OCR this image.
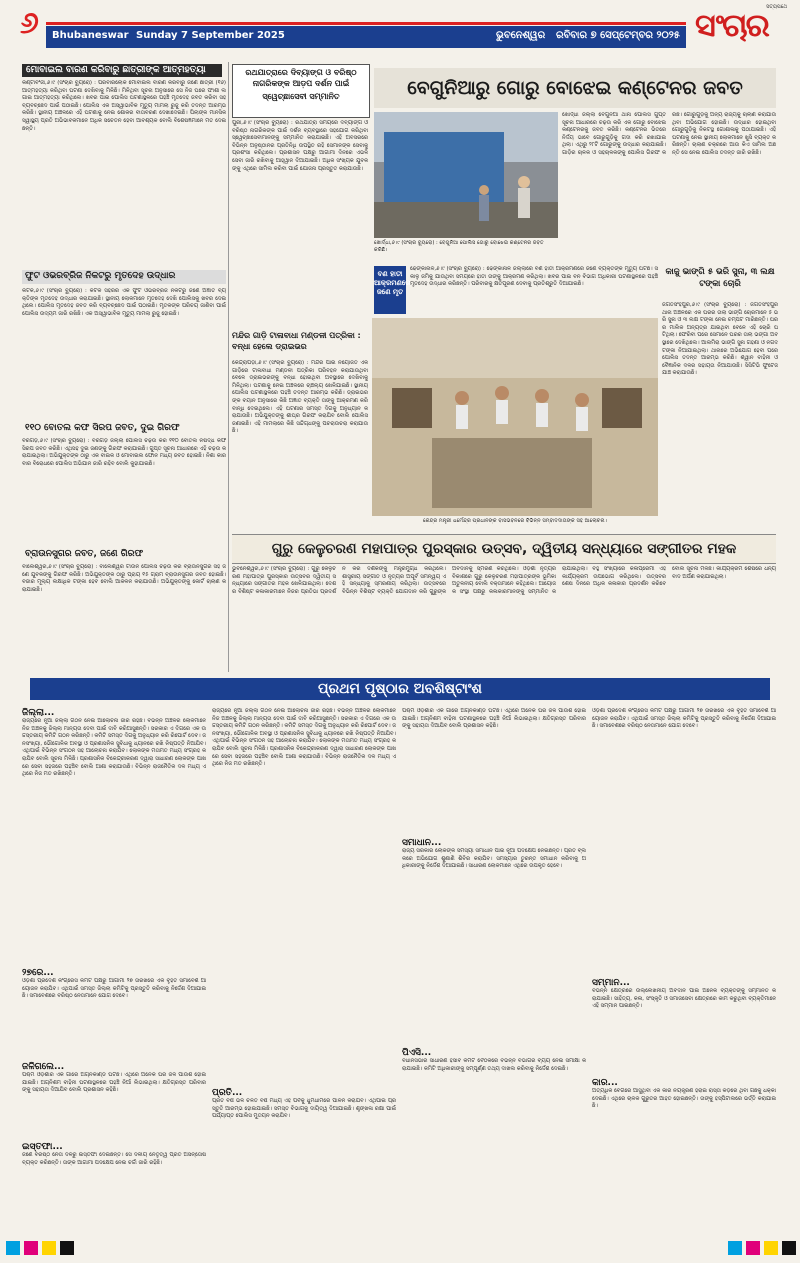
୬ Bhubaneswar Sunday 7 September 2025	ଭୁବନେଶ୍ୱର ରବିବାର ୭ ସେପ୍ଟେମ୍ବର ୨୦୨୫
ସତ୍ୟପଥେ
ସଂଚାର
ମୋବାଇଲ ବାରଣ କରିବାରୁ ଛାତ୍ରୀଙ୍କ ଆତ୍ମହତ୍ୟା
କଣ୍ଟାବଂଜୀ,୬।୯ (ସଂଚାର ବ୍ୟୁରୋ) : ପରିବାରଲୋକ ମୋବାଇଲ ବାରଣ କରିବାରୁ ଜଣେ ଛାତ୍ରୀ (୧୬) ଆତ୍ମହତ୍ୟା କରିଥିବା ଘଟଣା ଦେଖିବାକୁ ମିଳିଛି। ମିଳିଥିବା ସୂଚନା ଅନୁସାରେ ସେ ନିଜ ଘରେ ଫାଶୀ ଲଗାଇ ଆତ୍ମହତ୍ୟା କରିଥିଲେ। ଖବର ପାଇ ପୋଲିସ ଘଟଣାସ୍ଥଳରେ ପହଞ୍ଚି ମୃତଦେହ ଜବତ କରିବା ସହ ବ୍ୟବଚ୍ଛେଦ ପାଇଁ ପଠାଇଛି। ପୋଲିସ ଏକ ଅସ୍ୱାଭାବିକ ମୃତ୍ୟୁ ମାମଲା ରୁଜୁ କରି ତଦନ୍ତ ଆରମ୍ଭ କରିଛି। ସ୍ଥାନୀୟ ଅଞ୍ଚଳରେ ଏହି ଘଟଣାକୁ ନେଇ ଶୋକର ବାତାବରଣ ଦେଖାଦେଇଛି। ପିଲାଙ୍କ ମାନସିକ ସ୍ୱାସ୍ଥ୍ୟ ପ୍ରତି ଅଭିଭାବକମାନେ ଅଧିକ ସଚେତନ ହେବା ଆବଶ୍ୟକ ବୋଲି ବିଶେଷଜ୍ଞମାନେ ମତ ଦେଇଛନ୍ତି।
ଫୁଟ ଓଭରବ୍ରିଜ ନିକଟରୁ ମୃତଦେହ ଉଦ୍ଧାର
କଟକ,୬।୯ (ସଂଚାର ବ୍ୟୁରୋ) : କଟକ ସହରର ଏକ ଫୁଟ ଓଭରବ୍ରିଜ ନିକଟରୁ ଜଣେ ଅଜ୍ଞାତ ବ୍ୟକ୍ତିଙ୍କ ମୃତଦେହ ଉଦ୍ଧାର କରାଯାଇଛି। ସ୍ଥାନୀୟ ଲୋକମାନେ ମୃତଦେହ ଦେଖି ପୋଲିସକୁ ଖବର ଦେଇଥିଲେ। ପୋଲିସ ମୃତଦେହ ଜବତ କରି ବ୍ୟବଚ୍ଛେଦ ପାଇଁ ପଠାଇଛି। ମୃତକଙ୍କ ପରିଚୟ ଜାଣିବା ପାଇଁ ପୋଲିସ ଉଦ୍ୟମ ଜାରି ରଖିଛି। ଏକ ଅସ୍ୱାଭାବିକ ମୃତ୍ୟୁ ମାମଲା ରୁଜୁ ହୋଇଛି।
୧୧୦ ବୋତଲ କଫ ସିରପ ଜବତ, ଦୁଇ ଗିରଫ
ବରଗଡ଼,୬।୯ (ସଂଚାର ବ୍ୟୁରୋ) : ବରଗଡ଼ ଜିଲ୍ଲା ପୋଲିସ ଚଢ଼ଉ କରି ୧୧୦ ବୋତଲ ନିଷିଦ୍ଧ କଫ ସିରପ ଜବତ କରିଛି। ଏଥିସହ ଦୁଇ ଜଣଙ୍କୁ ଗିରଫ କରାଯାଇଛି। ଗୁପ୍ତ ସୂଚନା ଆଧାରରେ ଏହି ଚଢ଼ଉ କରାଯାଇଥିଲା। ଅଭିଯୁକ୍ତଙ୍କ ଠାରୁ ଏକ ବାଇକ ଓ ମୋବାଇଲ ଫୋନ ମଧ୍ୟ ଜବତ ହୋଇଛି। ନିଶା କାରବାର ବିରୋଧରେ ପୋଲିସ ଅଭିଯାନ ଜାରି ରହିବ ବୋଲି କୁହାଯାଇଛି।
ବ୍ରାଉନସୁଗର ଜବତ, ଜଣେ ଗିରଫ
ବାଲେଶ୍ୱର,୬।୯ (ସଂଚାର ବ୍ୟୁରୋ) : ବାଲେଶ୍ୱର ଟାଉନ ପୋଲିସ ଚଢ଼ଉ କରି ବ୍ରାଉନସୁଗର ସହ ଜଣେ ଯୁବକଙ୍କୁ ଗିରଫ କରିଛି। ଅଭିଯୁକ୍ତଙ୍କ ଠାରୁ ପ୍ରାୟ ୧୫ ଗ୍ରାମ ବ୍ରାଉନସୁଗର ଜବତ ହୋଇଛି। ବଜାର ମୂଲ୍ୟ ଲକ୍ଷାଧିକ ଟଙ୍କା ହେବ ବୋଲି ଆକଳନ କରାଯାଉଛି। ଅଭିଯୁକ୍ତଙ୍କୁ କୋର୍ଟ ଚାଲାଣ କରାଯାଇଛି।
ରଥଯାତ୍ରାରେ ଦିବ୍ୟାଙ୍ଗ ଓ ବରିଷ୍ଠ ନାଗରିକଙ୍କ ଆଡ଼ପ ଦର୍ଶନ ପାଇଁ
ସ୍ୱେଚ୍ଛାସେବୀ ସମ୍ମାନିତ
ପୁରୀ,୬।୯ (ସଂଚାର ବ୍ୟୁରୋ) : ରଥଯାତ୍ରା ସମୟରେ ଦିବ୍ୟାଙ୍ଗ ଓ ବରିଷ୍ଠ ନାଗରିକଙ୍କ ପାଇଁ ଦର୍ଶନ ବ୍ୟବସ୍ଥାରେ ସହଯୋଗ କରିଥିବା ସ୍ୱେଚ୍ଛାସେବୀମାନଙ୍କୁ ସମ୍ମାନିତ କରାଯାଇଛି। ଏହି ଅବସରରେ ବିଭିନ୍ନ ଅନୁଷ୍ଠାନର ପ୍ରତିନିଧି ଉପସ୍ଥିତ ରହି ସେମାନଙ୍କ ସେବାକୁ ପ୍ରଶଂସା କରିଥିଲେ। ପ୍ରଶାସନ ପକ୍ଷରୁ ଆଗାମୀ ଦିନରେ ଏଭଳି ସେବା ଜାରି ରଖିବାକୁ ଆହ୍ୱାନ ଦିଆଯାଇଛି। ଅଧିକ ସଂଖ୍ୟକ ଯୁବକଙ୍କୁ ଏଥିରେ ସାମିଲ କରିବା ପାଇଁ ଯୋଜନା ପ୍ରସ୍ତୁତ କରାଯାଉଛି।
ବେଗୁନିଆରୁ ଗୋରୁ ବୋଝେଇ କଣ୍ଟେନର ଜବତ
ଖୋର୍ଦ୍ଧା,୬।୯ (ସଂଚାର ବ୍ୟୁରୋ) : ବେଗୁନିଆ ପୋଲିସ ଗୋରୁ ବୋଝେଇ କଣ୍ଟେନର ଜବତ କରିଛି।
ଖୋର୍ଦ୍ଧା ଜିଲ୍ଲା ବେଗୁନିଆ ଥାନା ପୋଲିସ ଗୁପ୍ତ ସୂଚନା ଆଧାରରେ ଚଢ଼ଉ କରି ଏକ ଗୋରୁ ବୋଝେଇ କଣ୍ଟେନରକୁ ଜବତ କରିଛି। କଣ୍ଟେନର ଭିତରେ ନିର୍ଦ୍ଦୟ ଭାବେ ଗୋରୁଗୁଡ଼ିକୁ ଗଦା କରି ରଖାଯାଇଥିଲା। ଏଥିରୁ ୨୮ଟି ଗୋରୁଙ୍କୁ ଉଦ୍ଧାର କରାଯାଇଛି। ଗାଡ଼ିର ଚାଳକ ଓ ସହଚାଳକଙ୍କୁ ପୋଲିସ ଗିରଫ କରିଛି। ଗୋରୁଗୁଡ଼ିକୁ ଅନ୍ୟ ରାଜ୍ୟକୁ ଚାଲାଣ କରାଯାଉଥିବା ଅଭିଯୋଗ ହୋଇଛି। ଉଦ୍ଧାର ହୋଇଥିବା ଗୋରୁଗୁଡ଼ିକୁ ନିକଟସ୍ଥ ଗୋଶାଳାକୁ ପଠାଯାଇଛି। ଏହି ଘଟଣାକୁ ନେଇ ସ୍ଥାନୀୟ ଲୋକମାନେ ଖୁସି ବ୍ୟକ୍ତ କରିଛନ୍ତି। ଚାଲାଣ ଚକ୍ରରେ ଆଉ କିଏ ସାମିଲ ଅଛନ୍ତି ସେ ନେଇ ପୋଲିସ ତଦନ୍ତ ଜାରି ରଖିଛି।
ବଣ ହାତୀ ଆକ୍ରମଣରେ ଜଣେ ମୃତ
ଢେଙ୍କାନାଳ,୬।୯ (ସଂଚାର ବ୍ୟୁରୋ) : ଢେଙ୍କାନାଳ ଜିଲ୍ଲାରେ ବଣ ହାତୀ ଆକ୍ରମଣରେ ଜଣେ ବ୍ୟକ୍ତିଙ୍କ ମୃତ୍ୟୁ ଘଟିଛି। ସକାଳୁ ଜମିକୁ ଯାଉଥିବା ସମୟରେ ହାତୀ ତାଙ୍କୁ ଆକ୍ରମଣ କରିଥିଲା। ଖବର ପାଇ ବନ ବିଭାଗ ଅଧିକାରୀ ଘଟଣାସ୍ଥଳରେ ପହଞ୍ଚି ମୃତଦେହ ଉଦ୍ଧାର କରିଛନ୍ତି। ପରିବାରକୁ କ୍ଷତିପୂରଣ ଦେବାକୁ ପ୍ରତିଶ୍ରୁତି ଦିଆଯାଇଛି।
କାଜୁ ଭାଙ୍ଗି ୫ ଭରି ସୁନା, ୩ ଲକ୍ଷ ଟଙ୍କା ଚୋରି
ଜଗତସିଂହପୁର,୬।୯ (ସଂଚାର ବ୍ୟୁରୋ) : ଜଗତସିଂହପୁର ଥାନା ଅଞ୍ଚଳରେ ଏକ ଘରର ତାଲା ଭାଙ୍ଗି ଚୋରମାନେ ୫ ଭରି ସୁନା ଓ ୩ ଲକ୍ଷ ଟଙ୍କା ନେଇ ଚମ୍ପଟ ମାରିଛନ୍ତି। ଘରର ମାଲିକ ଅନ୍ୟତ୍ର ଯାଇଥିବା ବେଳେ ଏହି ଚୋରି ଘଟିଥିଲା। ଫେରିବା ପରେ ସେମାନେ ଘରର ତାଲା ଭଙ୍ଗା ଅବସ୍ଥାରେ ଦେଖିଥିଲେ। ଆଲମିରା ଭାଙ୍ଗି ସୁନା ଗହଣା ଓ ନଗଦ ଟଙ୍କା ନିଆଯାଇଥିଲା। ଥାନାରେ ଅଭିଯୋଗ ହେବା ପରେ ପୋଲିସ ତଦନ୍ତ ଆରମ୍ଭ କରିଛି। ଶ୍ୱାନ ବାହିନୀ ଓ ବୈଜ୍ଞାନିକ ଦଳର ସହାୟତା ନିଆଯାଉଛି। ସିସିଟିଭି ଫୁଟେଜ ଯାଞ୍ଚ କରାଯାଉଛି।
ମନ୍ଦିର ଗାଡ଼ି ଟାଳାବାଧା ମଣ୍ଡଳୀ ପତ୍ରିକା : ବନ୍ଧା ହେଲେ ଡ୍ରାଇଭର
କେନ୍ଦ୍ରାପଡ଼ା,୬।୯ (ସଂଚାର ବ୍ୟୁରୋ) : ମନ୍ଦିର ପାଇଁ ନିୟୋଜିତ ଏକ ଗାଡ଼ିରେ ଟାଳାବାଧା ମଣ୍ଡଳୀ ପତ୍ରିକା ପରିବହନ କରାଯାଉଥିବା ବେଳେ ଡ୍ରାଇଭରଙ୍କୁ ବନ୍ଧା ହୋଇଥିବା ଅବସ୍ଥାରେ ଦେଖିବାକୁ ମିଳିଥିଲା। ଘଟଣାକୁ ନେଇ ଅଞ୍ଚଳରେ ଚାଞ୍ଚଲ୍ୟ ଖେଳିଯାଇଛି। ସ୍ଥାନୀୟ ପୋଲିସ ଘଟଣାସ୍ଥଳରେ ପହଞ୍ଚି ତଦନ୍ତ ଆରମ୍ଭ କରିଛି। ଡ୍ରାଇଭରଙ୍କ ବୟାନ ଅନୁସାରେ କିଛି ଅଜ୍ଞାତ ବ୍ୟକ୍ତି ତାଙ୍କୁ ଆକ୍ରମଣ କରି ବାନ୍ଧି ଦେଇଥିଲେ। ଏହି ଘଟଣାର ସମସ୍ତ ଦିଗକୁ ଅନୁଧ୍ୟାନ କରାଯାଉଛି। ଅଭିଯୁକ୍ତଙ୍କୁ ଶୀଘ୍ର ଗିରଫ କରାଯିବ ବୋଲି ପୋଲିସ ଜଣାଇଛି। ଏହି ମାମଲାରେ କିଛି ସନ୍ଦିଗ୍ଧଙ୍କୁ ପଚରାଉଚରା କରାଯାଉଛି।
କେନ୍ଦ୍ର ମନ୍ତ୍ରୀ ଧର୍ମେନ୍ଦ୍ର ପ୍ରଧାନଙ୍କ ବାସଭବନରେ ବିଭିନ୍ନ ସମ୍ବାଦଦାତାଙ୍କ ସହ ଆଲୋଚନା।
ଗୁରୁ କେଳୁଚରଣ ମହାପାତ୍ର ପୁରସ୍କାର ଉତ୍ସବ, ଦ୍ୱିତୀୟ ସନ୍ଧ୍ୟାରେ ସଙ୍ଗୀତର ମହକ
ଭୁବନେଶ୍ୱର,୬।୯ (ସଂଚାର ବ୍ୟୁରୋ) : ଗୁରୁ କେଳୁଚରଣ ମହାପାତ୍ର ପୁରସ୍କାର ଉତ୍ସବର ଦ୍ୱିତୀୟ ସନ୍ଧ୍ୟାରେ ସଙ୍ଗୀତର ମହକ ଖେଳିଯାଇଥିଲା। ଦେଶର ବିଶିଷ୍ଟ କଳାକାରମାନେ ନିଜର ପ୍ରତିଭା ପ୍ରଦର୍ଶନ କରି ଦର୍ଶକଙ୍କୁ ମନ୍ତ୍ରମୁଗ୍ଧ କରିଥିଲେ। ଶାସ୍ତ୍ରୀୟ ସଙ୍ଗୀତ ଓ ନୃତ୍ୟର ଅପୂର୍ବ ସମନ୍ୱୟ ଏହି ସନ୍ଧ୍ୟାକୁ ସ୍ମରଣୀୟ କରିଥିଲା। ଉତ୍ସବରେ ବିଭିନ୍ନ ବିଶିଷ୍ଟ ବ୍ୟକ୍ତି ଯୋଗଦାନ କରି ଗୁରୁଙ୍କ ଅବଦାନକୁ ସ୍ମରଣ କରିଥିଲେ। ଓଡ଼ିଶୀ ନୃତ୍ୟର ବିକାଶରେ ଗୁରୁ କେଳୁଚରଣ ମହାପାତ୍ରଙ୍କ ଭୂମିକା ଅତୁଳନୀୟ ବୋଲି ବକ୍ତାମାନେ କହିଥିଲେ। ଆୟୋଜକ ସଂସ୍ଥା ପକ୍ଷରୁ କଳାକାରମାନଙ୍କୁ ସମ୍ମାନିତ କରାଯାଇଥିଲା। ବହୁ ସଂଖ୍ୟାରେ କଳାପ୍ରେମୀ ଏହି କାର୍ଯ୍ୟକ୍ରମ ଉପଭୋଗ କରିଥିଲେ। ଉତ୍ସବର ଶେଷ ଦିନରେ ଅଧିକ କଳାକାର ପ୍ରଦର୍ଶନ କରିବେ ବୋଲି ସୂଚନା ମିଳିଛି। କାର୍ଯ୍ୟକ୍ରମ ଶେଷରେ ଧନ୍ୟବାଦ ଅର୍ପଣ କରାଯାଇଥିଲା।
ପ୍ରଥମ ପୃଷ୍ଠାର ଅବଶିଷ୍ଟାଂଶ
ଜିଲ୍ଲା...
ରାଜ୍ୟରେ ନୂଆ ଜିଲ୍ଲା ଗଠନ ନେଇ ଆଲୋଚନା ଜାରି ରହିଛି। ବିଭିନ୍ନ ଅଞ୍ଚଳର ଲୋକମାନେ ନିଜ ଅଞ୍ଚଳକୁ ଜିଲ୍ଲା ମାନ୍ୟତା ଦେବା ପାଇଁ ଦାବି କରିଆସୁଛନ୍ତି। ସରକାର ଏ ଦିଗରେ ଏକ ଉଚ୍ଚସ୍ତରୀୟ କମିଟି ଗଠନ କରିଛନ୍ତି। କମିଟି ସମସ୍ତ ଦିଗକୁ ଅନୁଧ୍ୟାନ କରି ରିପୋର୍ଟ ଦେବ। ଜନସଂଖ୍ୟା, ଭୌଗୋଳିକ ଅବସ୍ଥା ଓ ପ୍ରଶାସନିକ ସୁବିଧାକୁ ଧ୍ୟାନରେ ରଖି ନିଷ୍ପତ୍ତି ନିଆଯିବ। ଏଥିପାଇଁ ବିଭିନ୍ନ ସଂଗଠନ ସହ ଆଲୋଚନା କରାଯିବ। ଲୋକଙ୍କ ମତାମତ ମଧ୍ୟ ସଂଗ୍ରହ କରାଯିବ ବୋଲି ସୂଚନା ମିଳିଛି। ପ୍ରଶାସନିକ ବିକେନ୍ଦ୍ରୀକରଣ ଦ୍ୱାରା ସାଧାରଣ ଲୋକଙ୍କ ପାଖରେ ସେବା ସହଜରେ ପହଞ୍ଚିବ ବୋଲି ଆଶା କରାଯାଉଛି। ବିଭିନ୍ନ ରାଜନୈତିକ ଦଳ ମଧ୍ୟ ଏଥିରେ ନିଜ ମତ ରଖିଛନ୍ତି।
୨୭ରେ...
ଓଡ଼ିଶା ପ୍ରଦେଶ କଂଗ୍ରେସ କମିଟି ପକ୍ଷରୁ ଆଗାମୀ ୨୭ ତାରିଖରେ ଏକ ବୃହତ ସମାବେଶ ଆୟୋଜନ କରାଯିବ। ଏଥିପାଇଁ ସମସ୍ତ ଜିଲ୍ଲା କମିଟିକୁ ପ୍ରସ୍ତୁତି କରିବାକୁ ନିର୍ଦ୍ଦେଶ ଦିଆଯାଇଛି। ସମାବେଶରେ ବରିଷ୍ଠ ନେତାମାନେ ଯୋଗ ଦେବେ।
ଜଳିଗଲେ...
ପଶ୍ଚିମ ଓଡ଼ିଶାର ଏକ ଗାଁରେ ଅଗ୍ନିକାଣ୍ଡ ଘଟିଛି। ଏଥିରେ ଅନେକ ଘର ଜଳି ପାଉଁଶ ହୋଇଯାଇଛି। ଅଗ୍ନିଶମ ବାହିନୀ ଘଟଣାସ୍ଥଳରେ ପହଞ୍ଚି ନିଆଁ ଲିଭାଇଥିଲା। କ୍ଷତିଗ୍ରସ୍ତ ପରିବାରଙ୍କୁ ସହାୟତା ଦିଆଯିବ ବୋଲି ପ୍ରଶାସନ କହିଛି।
ଇସ୍ତଫା...
ଜଣେ ବରିଷ୍ଠ ନେତା ଦଳରୁ ଇସ୍ତଫା ଦେଇଛନ୍ତି। ସେ ଦଳୀୟ ନେତୃତ୍ୱ ପ୍ରତି ଅସନ୍ତୋଷ ବ୍ୟକ୍ତ କରିଛନ୍ତି। ତାଙ୍କ ଆଗାମୀ ପଦକ୍ଷେପ ନେଇ ଚର୍ଚ୍ଚା ଜାରି ରହିଛି।
ରାଜ୍ୟରେ ନୂଆ ଜିଲ୍ଲା ଗଠନ ନେଇ ଆଲୋଚନା ଜାରି ରହିଛି। ବିଭିନ୍ନ ଅଞ୍ଚଳର ଲୋକମାନେ ନିଜ ଅଞ୍ଚଳକୁ ଜିଲ୍ଲା ମାନ୍ୟତା ଦେବା ପାଇଁ ଦାବି କରିଆସୁଛନ୍ତି। ସରକାର ଏ ଦିଗରେ ଏକ ଉଚ୍ଚସ୍ତରୀୟ କମିଟି ଗଠନ କରିଛନ୍ତି। କମିଟି ସମସ୍ତ ଦିଗକୁ ଅନୁଧ୍ୟାନ କରି ରିପୋର୍ଟ ଦେବ। ଜନସଂଖ୍ୟା, ଭୌଗୋଳିକ ଅବସ୍ଥା ଓ ପ୍ରଶାସନିକ ସୁବିଧାକୁ ଧ୍ୟାନରେ ରଖି ନିଷ୍ପତ୍ତି ନିଆଯିବ। ଏଥିପାଇଁ ବିଭିନ୍ନ ସଂଗଠନ ସହ ଆଲୋଚନା କରାଯିବ। ଲୋକଙ୍କ ମତାମତ ମଧ୍ୟ ସଂଗ୍ରହ କରାଯିବ ବୋଲି ସୂଚନା ମିଳିଛି। ପ୍ରଶାସନିକ ବିକେନ୍ଦ୍ରୀକରଣ ଦ୍ୱାରା ସାଧାରଣ ଲୋକଙ୍କ ପାଖରେ ସେବା ସହଜରେ ପହଞ୍ଚିବ ବୋଲି ଆଶା କରାଯାଉଛି। ବିଭିନ୍ନ ରାଜନୈତିକ ଦଳ ମଧ୍ୟ ଏଥିରେ ନିଜ ମତ ରଖିଛନ୍ତି।
ପ୍ରତି...
ପ୍ରତି ବର୍ଷ ଭଳି ଚଳିତ ବର୍ଷ ମଧ୍ୟ ଏହି ପର୍ବକୁ ଧୁମଧାମରେ ପାଳନ କରାଯିବ। ଏଥିପାଇଁ ପ୍ରସ୍ତୁତି ଆରମ୍ଭ ହୋଇଯାଇଛି। ସମସ୍ତ ବିଭାଗକୁ ଦାୟିତ୍ୱ ଦିଆଯାଇଛି। ଶୃଙ୍ଖଳା ରକ୍ଷା ପାଇଁ ପର୍ଯ୍ୟାପ୍ତ ପୋଲିସ ମୁତୟନ କରାଯିବ।
ପଶ୍ଚିମ ଓଡ଼ିଶାର ଏକ ଗାଁରେ ଅଗ୍ନିକାଣ୍ଡ ଘଟିଛି। ଏଥିରେ ଅନେକ ଘର ଜଳି ପାଉଁଶ ହୋଇଯାଇଛି। ଅଗ୍ନିଶମ ବାହିନୀ ଘଟଣାସ୍ଥଳରେ ପହଞ୍ଚି ନିଆଁ ଲିଭାଇଥିଲା। କ୍ଷତିଗ୍ରସ୍ତ ପରିବାରଙ୍କୁ ସହାୟତା ଦିଆଯିବ ବୋଲି ପ୍ରଶାସନ କହିଛି।
ସମାଧାନ...
ରାଜ୍ୟ ସରକାର ଲୋକଙ୍କ ସମସ୍ୟା ସମାଧାନ ପାଇଁ ନୂଆ ପଦକ୍ଷେପ ନେଇଛନ୍ତି। ପ୍ରତି ବ୍ଲକରେ ଅଭିଯୋଗ ଶୁଣାଣି ଶିବିର କରାଯିବ। ସମସ୍ୟାର ତୁରନ୍ତ ସମାଧାନ କରିବାକୁ ଅଧିକାରୀଙ୍କୁ ନିର୍ଦ୍ଦେଶ ଦିଆଯାଇଛି। ସାଧାରଣ ଲୋକମାନେ ଏଥିରେ ଉପକୃତ ହେବେ।
ପିଏସି...
ବିଧାନସଭାର ସାଧାରଣ ହିସାବ କମିଟି ବୈଠକରେ ବିଭିନ୍ନ ବିଭାଗର ବ୍ୟୟ ନେଇ ସମୀକ୍ଷା କରାଯାଇଛି। କମିଟି ଅଧିକାରୀଙ୍କୁ ସମ୍ପୂର୍ଣ୍ଣ ତଥ୍ୟ ଦାଖଲ କରିବାକୁ ନିର୍ଦ୍ଦେଶ ଦେଇଛି।
ଓଡ଼ିଶା ପ୍ରଦେଶ କଂଗ୍ରେସ କମିଟି ପକ୍ଷରୁ ଆଗାମୀ ୨୭ ତାରିଖରେ ଏକ ବୃହତ ସମାବେଶ ଆୟୋଜନ କରାଯିବ। ଏଥିପାଇଁ ସମସ୍ତ ଜିଲ୍ଲା କମିଟିକୁ ପ୍ରସ୍ତୁତି କରିବାକୁ ନିର୍ଦ୍ଦେଶ ଦିଆଯାଇଛି। ସମାବେଶରେ ବରିଷ୍ଠ ନେତାମାନେ ଯୋଗ ଦେବେ।
ସମ୍ମାନ...
ବିଭିନ୍ନ କ୍ଷେତ୍ରରେ ଉଲ୍ଲେଖନୀୟ ଅବଦାନ ପାଇଁ ଅନେକ ବ୍ୟକ୍ତିଙ୍କୁ ସମ୍ମାନିତ କରାଯାଇଛି। ସାହିତ୍ୟ, କଳା, ସଂସ୍କୃତି ଓ ସମାଜସେବା କ୍ଷେତ୍ରରେ କାମ କରୁଥିବା ବ୍ୟକ୍ତିମାନେ ଏହି ସମ୍ମାନ ପାଇଛନ୍ତି।
କାର...
ଅତ୍ୟଧିକ ବେଗରେ ଆସୁଥିବା ଏକ କାର ନିୟନ୍ତ୍ରଣ ହରାଇ ରାସ୍ତା କଡ଼ରେ ଥିବା ଗଛକୁ ଧକ୍କା ଦେଇଛି। ଏଥିରେ ଚାଳକ ଗୁରୁତର ଆହତ ହୋଇଛନ୍ତି। ତାଙ୍କୁ ହସ୍ପିଟାଲରେ ଭର୍ତ୍ତି କରାଯାଇଛି।
